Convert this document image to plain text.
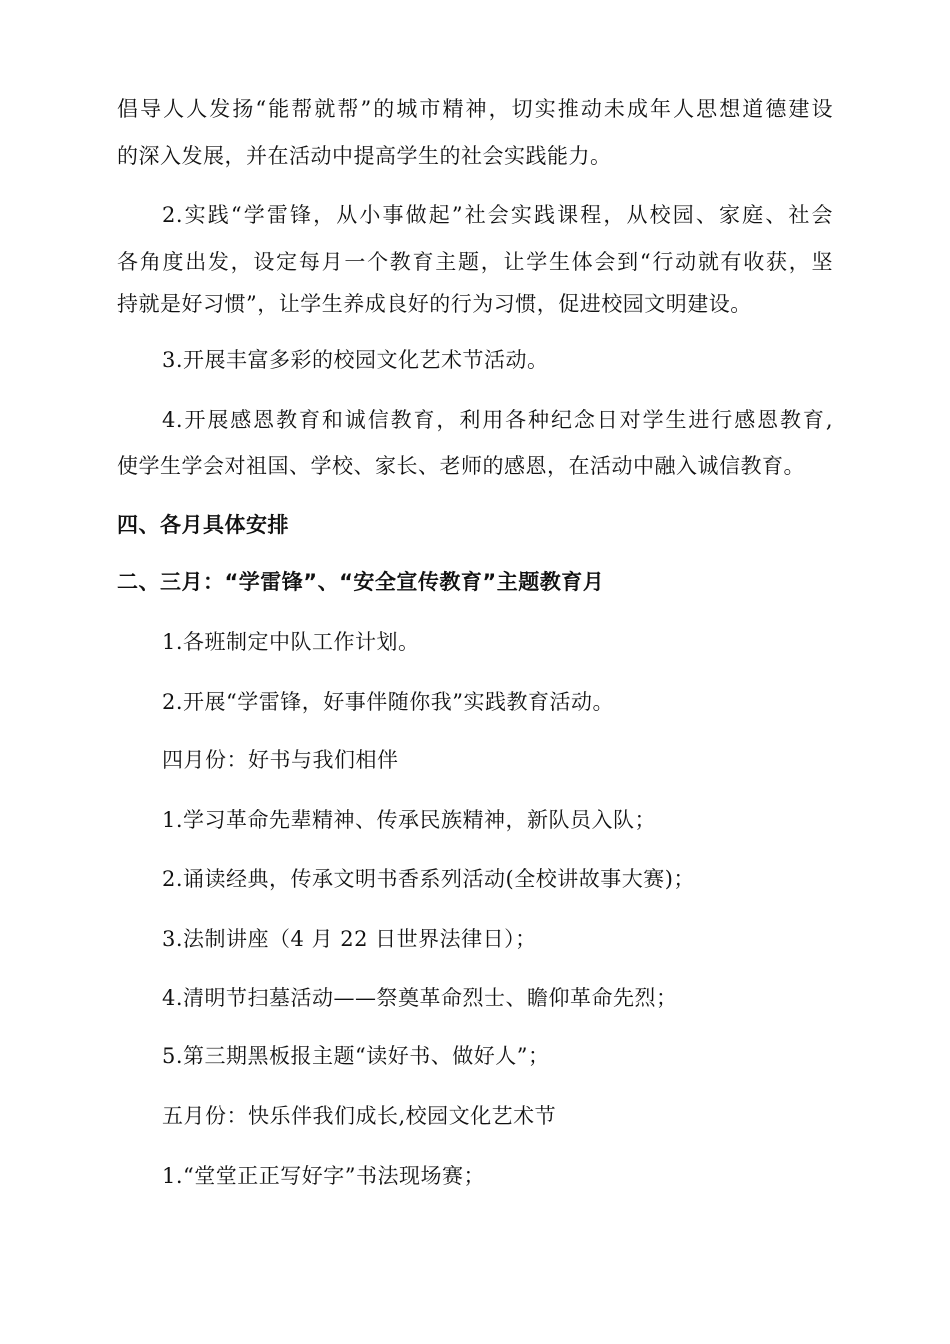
倡导人人发扬“能帮就帮”的城市精神，切实推动未成年人思想道德建设
的深入发展，并在活动中提高学生的社会实践能力。
2.实践“学雷锋，从小事做起”社会实践课程，从校园、家庭、社会
各角度出发，设定每月一个教育主题，让学生体会到“行动就有收获，坚
持就是好习惯”，让学生养成良好的行为习惯，促进校园文明建设。
3.开展丰富多彩的校园文化艺术节活动。
4.开展感恩教育和诚信教育，利用各种纪念日对学生进行感恩教育,
使学生学会对祖国、学校、家长、老师的感恩，在活动中融入诚信教育。
四、各月具体安排
二、三月：“学雷锋”、“安全宣传教育”主题教育月
1.各班制定中队工作计划。
2.开展“学雷锋，好事伴随你我”实践教育活动。
四月份：好书与我们相伴
1.学习革命先辈精神、传承民族精神，新队员入队；
2.诵读经典，传承文明书香系列活动(全校讲故事大赛)；
3.法制讲座（4 月 22 日世界法律日）；
4.清明节扫墓活动——祭奠革命烈士、瞻仰革命先烈；
5.第三期黑板报主题“读好书、做好人”；
五月份：快乐伴我们成长,校园文化艺术节
1.“堂堂正正写好字”书法现场赛；
